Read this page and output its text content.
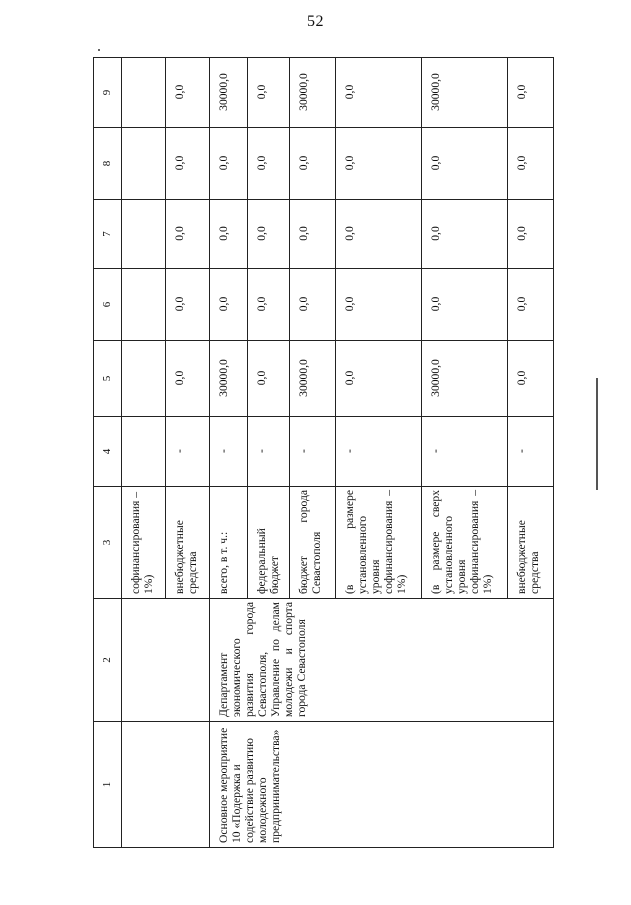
52
1	2	3	4	5	6	7	8	9
		софинансирования – 1%)						
		внебюджетные средства	-	0,0	0,0	0,0	0,0	0,0
Основное мероприятие 10 «Подержка и содействие развитию молодежного предпринимательства»	Департамент экономического развития города Севастополя, Управление по делам молодежи и спорта города Севастополя	всего, в т. ч.:	-	30000,0	0,0	0,0	0,0	30000,0
		федеральный бюджет	-	0,0	0,0	0,0	0,0	0,0
		бюджет города Севастополя	-	30000,0	0,0	0,0	0,0	30000,0
		(в размере установленного уровня софинансирования – 1%)	-	0,0	0,0	0,0	0,0	0,0
		(в размере сверх установленного уровня софинансирования – 1%)	-	30000,0	0,0	0,0	0,0	30000,0
		внебюджетные средства	-	0,0	0,0	0,0	0,0	0,0
